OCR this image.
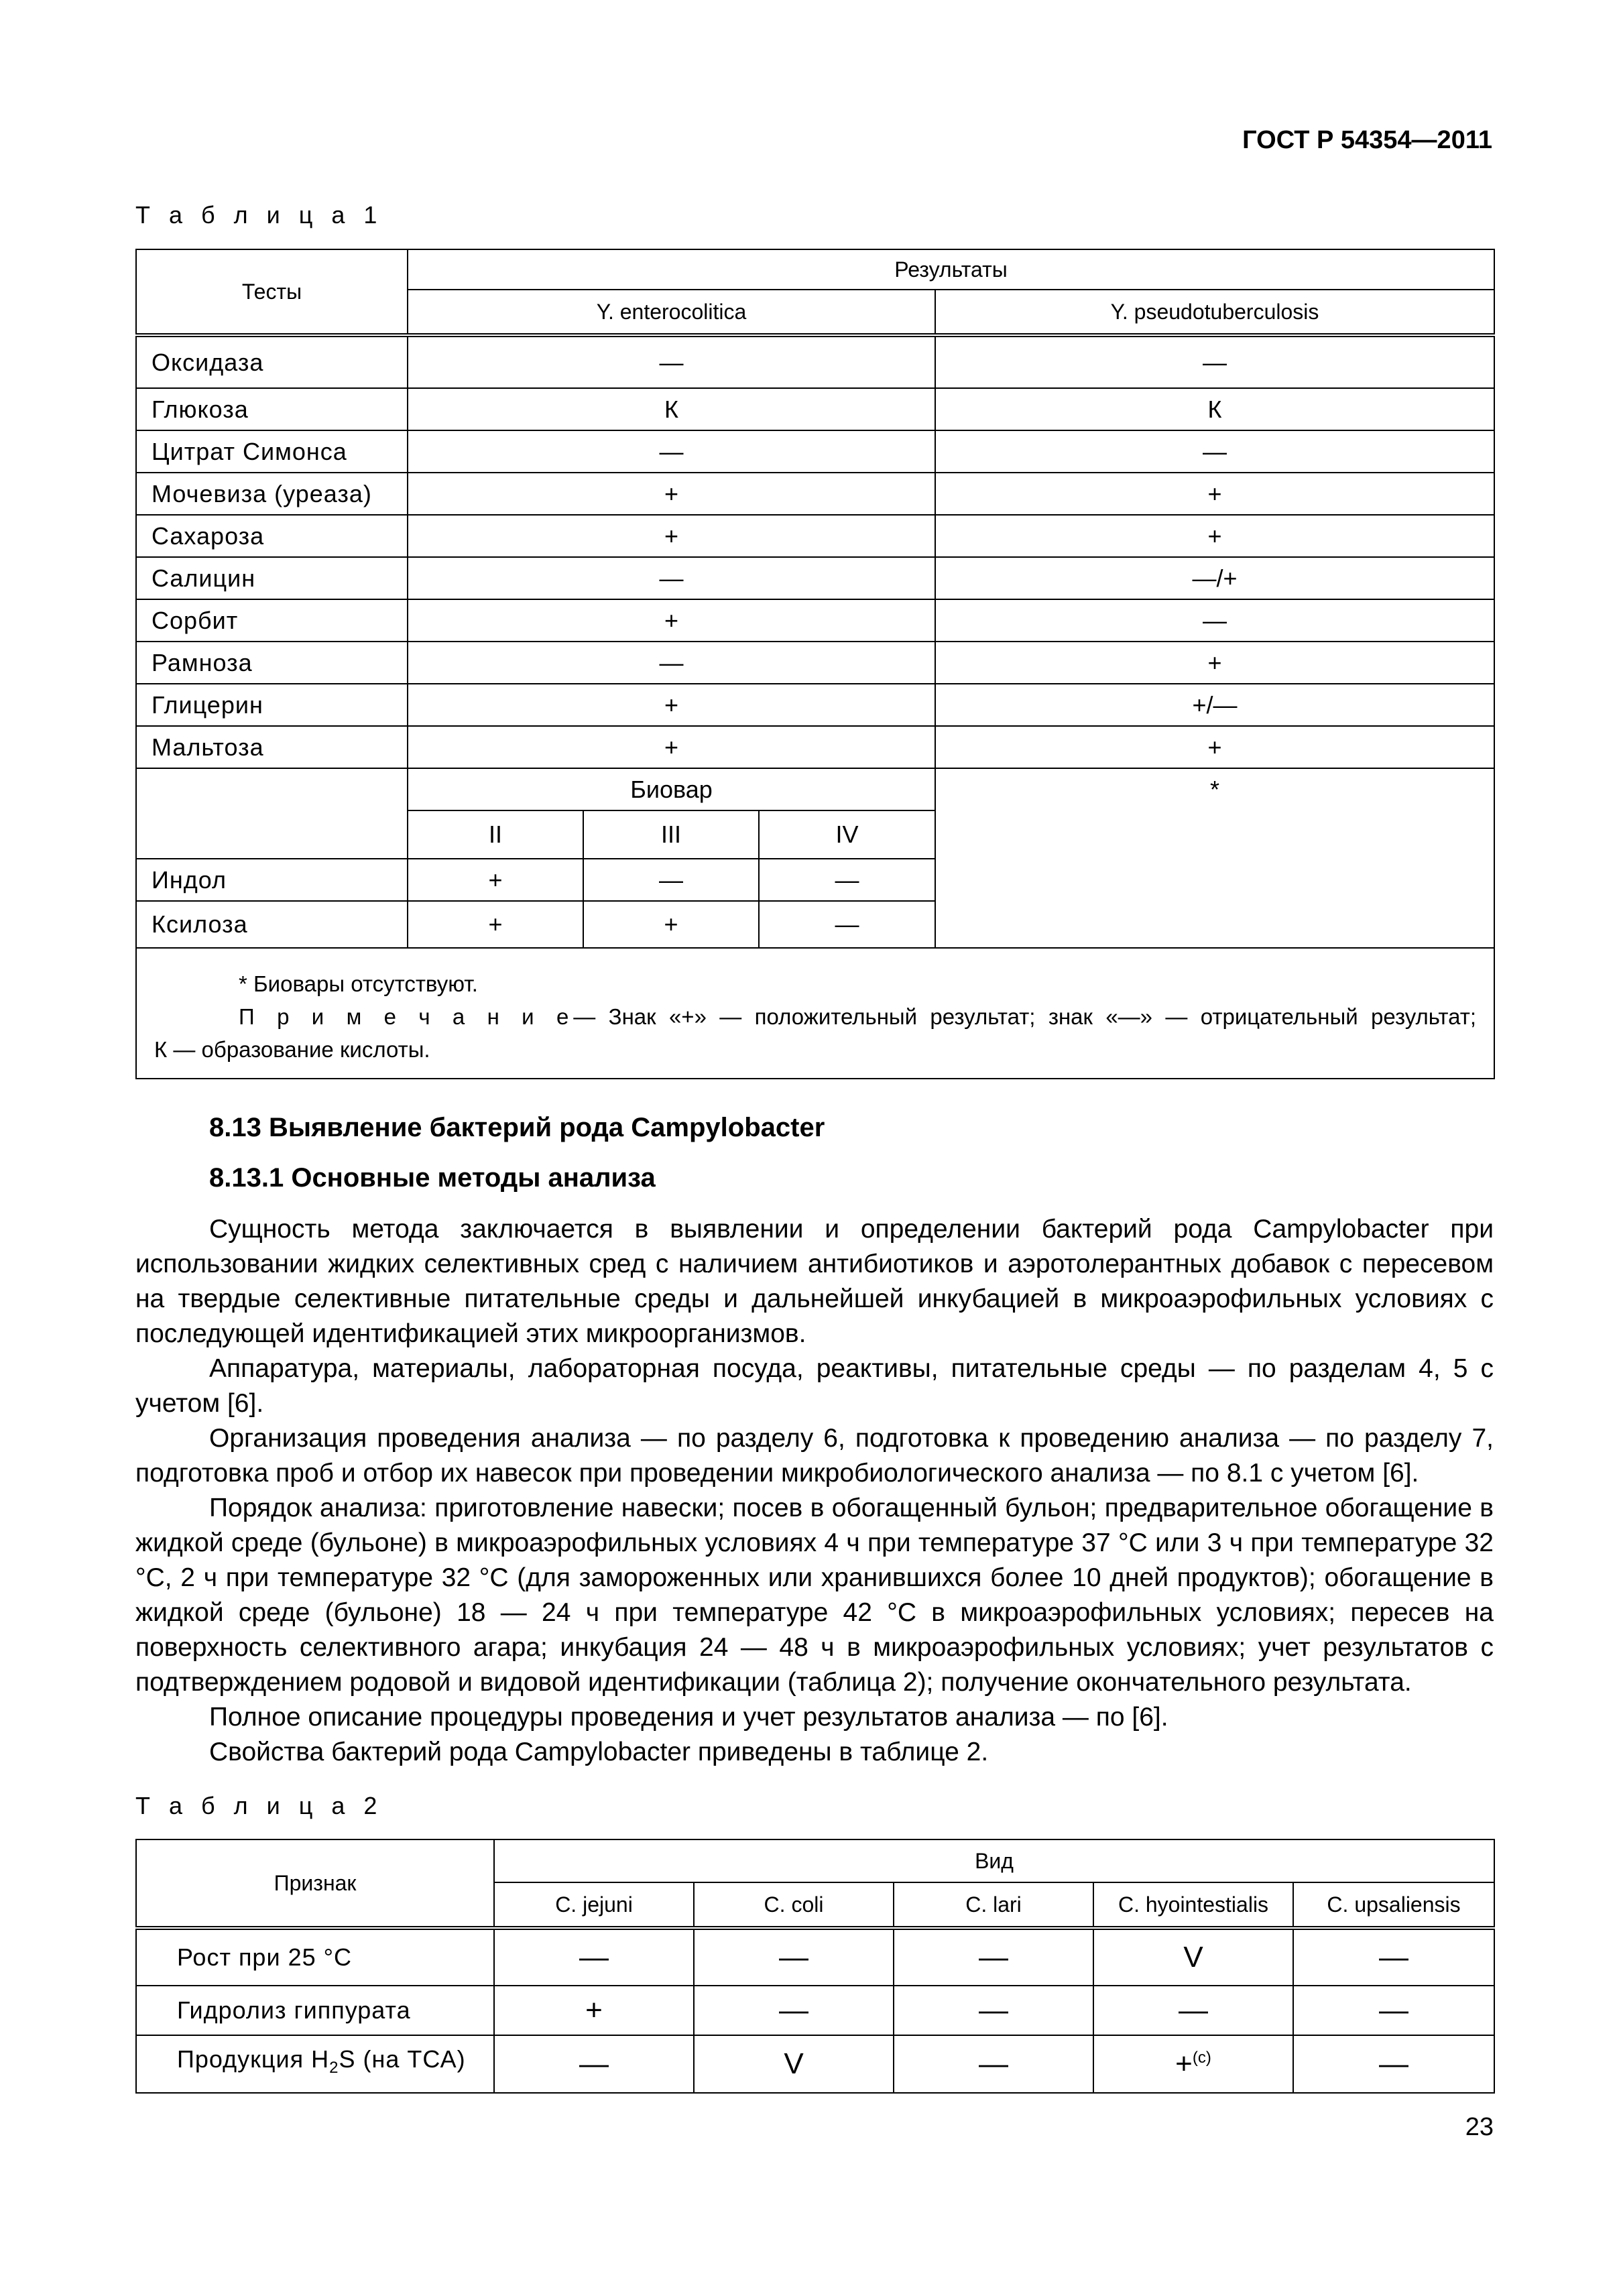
ГОСТ Р 54354—2011
Т а б л и ц а 1
Тесты	Результаты			
	Y. enterocolitica			Y. pseudotuberculosis
Оксидаза	—			—
Глюкоза	К			К
Цитрат Симонса	—			—
Мочевиза (уреаза)	+			+
Сахароза	+			+
Салицин	—			—/+
Сорбит	+			—
Рамноза	—			+
Глицерин	+			+/—
Мальтоза	+			+
	Биовар			*
	II	III	IV	
Индол	+	—	—	
Ксилоза	+	+	—	

* Биовары отсутствуют.
П р и м е ч а н и е— Знак «+» — положительный результат; знак «—» — отрицательный результат;
К — образование кислоты.				
8.13 Выявление бактерий рода Campylobacter
8.13.1 Основные методы анализа

Сущность метода заключается в выявлении и определении бактерий рода Campylobacter при использовании жидких селективных сред с наличием антибиотиков и аэротолерантных добавок с пересевом на твердые селективные питательные среды и дальнейшей инкубацией в микроаэрофильных условиях с последующей идентификацией этих микроорганизмов.

Аппаратура, материалы, лабораторная посуда, реактивы, питательные среды — по разделам 4, 5 с учетом [6].

Организация проведения анализа — по разделу 6, подготовка к проведению анализа — по разделу 7, подготовка проб и отбор их навесок при проведении микробиологического анализа — по 8.1 с учетом [6].

Порядок анализа: приготовление навески; посев в обогащенный бульон; предварительное обогащение в жидкой среде (бульоне) в микроаэрофильных условиях 4 ч при температуре 37 °С или 3 ч при температуре 32 °С, 2 ч при температуре 32 °С (для замороженных или хранившихся более 10 дней продуктов); обогащение в жидкой среде (бульоне) 18 — 24 ч при температуре 42 °С в микроаэрофильных условиях; пересев на поверхность селективного агара; инкубация 24 — 48 ч в микроаэрофильных условиях; учет результатов с подтверждением родовой и видовой идентификации (таблица 2); получение окончательного результата.

Полное описание процедуры проведения и учет результатов анализа — по [6].

Свойства бактерий рода Campylobacter приведены в таблице 2.

Т а б л и ц а 2
Признак	Вид				
	C. jejuni	C. coli	C. lari	C. hyointestialis	C. upsaliensis
Рост при 25 °С	—	—	—	V	—
Гидролиз гиппурата	+	—	—	—	—
Продукция $H_2S$ (на ТСА)	—	V	—	+$^{(с)}$	—
23
